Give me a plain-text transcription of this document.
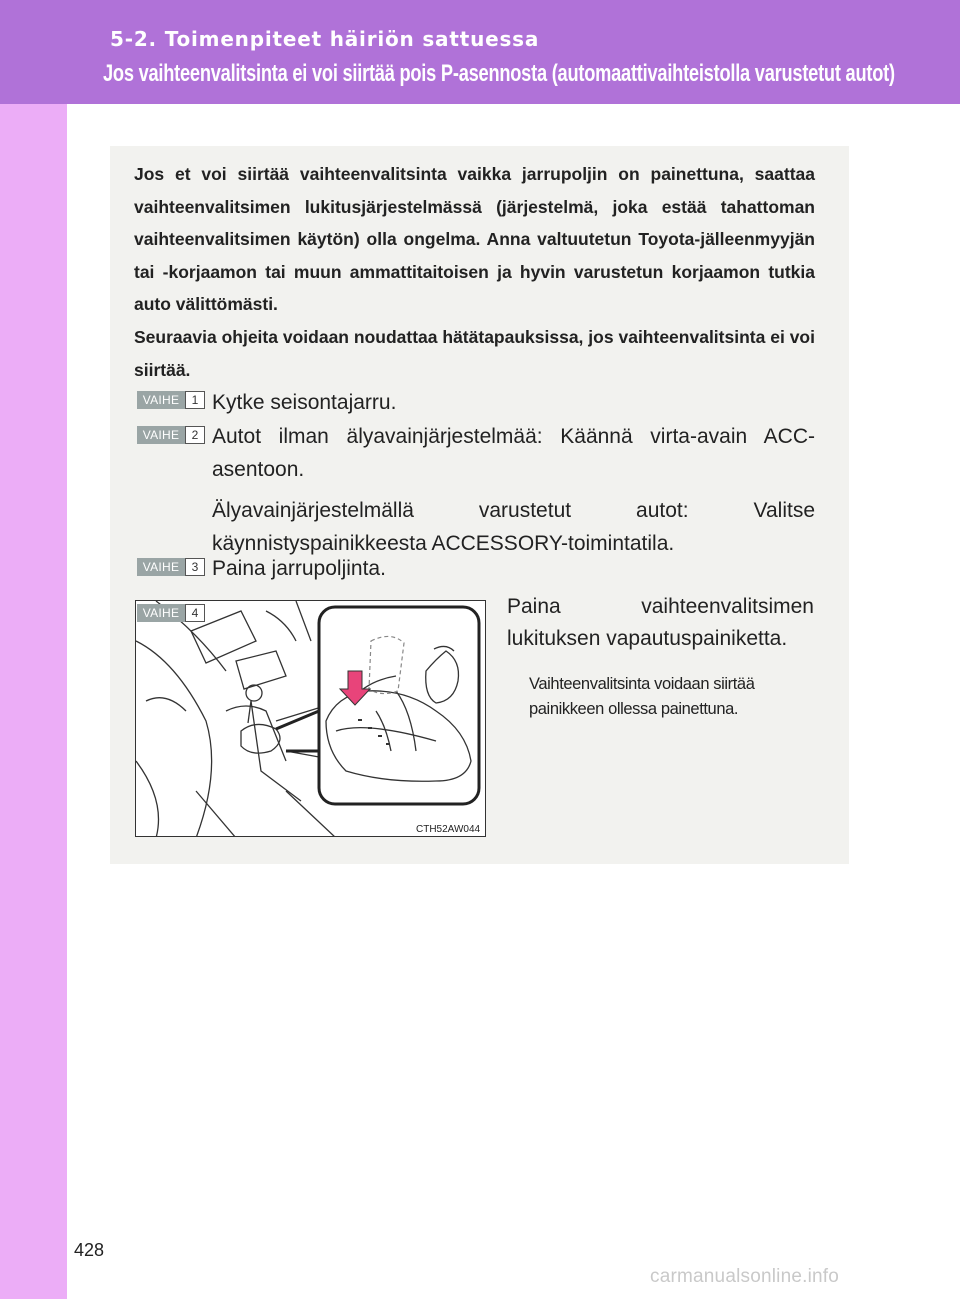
5-2. Toimenpiteet häiriön sattuessa
Jos vaihteenvalitsinta ei voi siirtää pois P-asennosta (automaattivaihteistolla varustetut autot)

Jos et voi siirtää vaihteenvalitsinta vaikka jarrupoljin on painettuna, saattaa vaihteenvalitsimen lukitusjärjestelmässä (järjestelmä, joka estää tahattoman vaihteenvalitsimen käytön) olla ongelma. Anna valtuutetun Toyota-jälleenmyyjän tai -korjaamon tai muun ammattitaitoisen ja hyvin varustetun korjaamon tutkia auto välittömästi.

Seuraavia ohjeita voidaan noudattaa hätätapauksissa, jos vaihteenvalitsinta ei voi siirtää.

VAIHE	1 Kytke seisontajarru.

VAIHE	2 Autot ilman älyavainjärjestelmää: Käännä virta-avain ACC-asentoon.

Älyavainjärjestelmällä varustetut autot: Valitse käynnistyspainikkeesta ACCESSORY-toimintatila.

VAIHE	3 Paina jarrupoljinta.

CTH52AW044
VAIHE	4	Paina vaihteenvalitsimen lukituksen vapautuspainiketta.

Vaihteenvalitsinta voidaan siirtää painikkeen ollessa painettuna.
428
carmanualsonline.info
